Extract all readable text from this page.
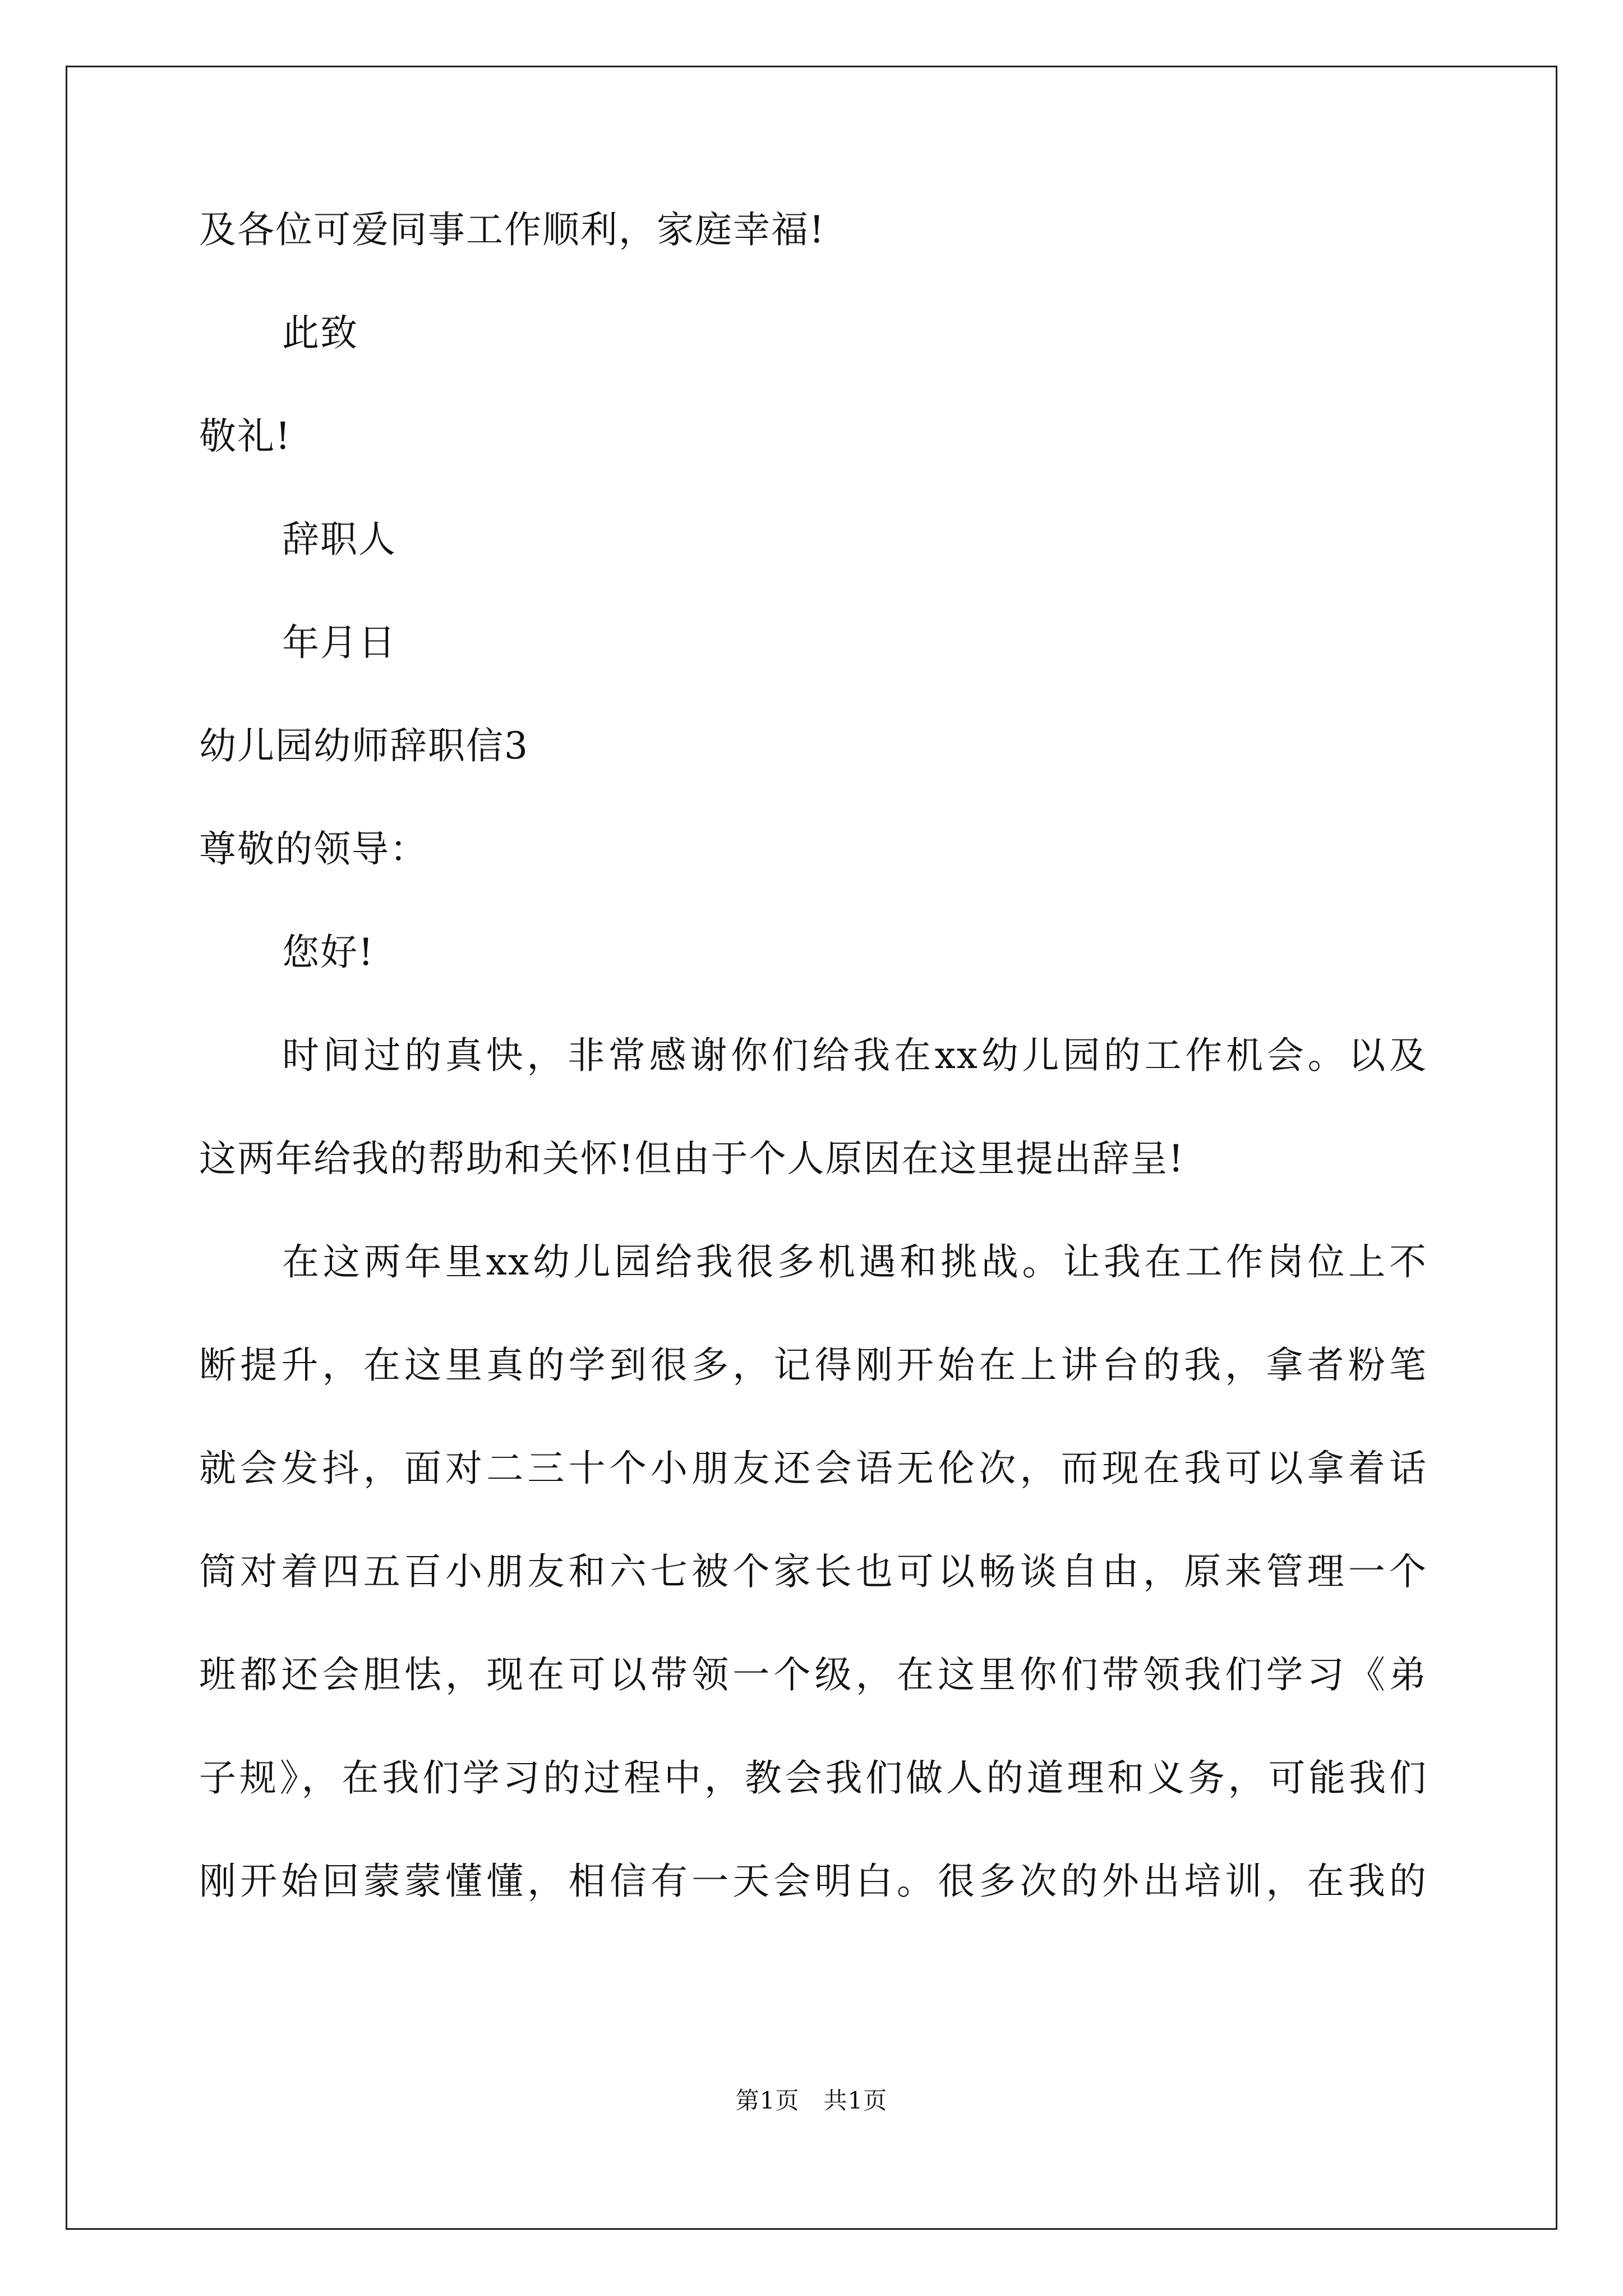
及各位可爱同事工作顺利，家庭幸福!
此致
敬礼!
辞职人
年月日
幼儿园幼师辞职信3
尊敬的领导：
您好!
时间过的真快，非常感谢你们给我在xx幼儿园的工作机会。以及
这两年给我的帮助和关怀!但由于个人原因在这里提出辞呈!
在这两年里xx幼儿园给我很多机遇和挑战。让我在工作岗位上不
断提升，在这里真的学到很多，记得刚开始在上讲台的我，拿者粉笔
就会发抖，面对二三十个小朋友还会语无伦次，而现在我可以拿着话
筒对着四五百小朋友和六七被个家长也可以畅谈自由，原来管理一个
班都还会胆怯，现在可以带领一个级，在这里你们带领我们学习《弟
子规》，在我们学习的过程中，教会我们做人的道理和义务，可能我们
刚开始回蒙蒙懂懂，相信有一天会明白。很多次的外出培训，在我的
第1页　共1页
